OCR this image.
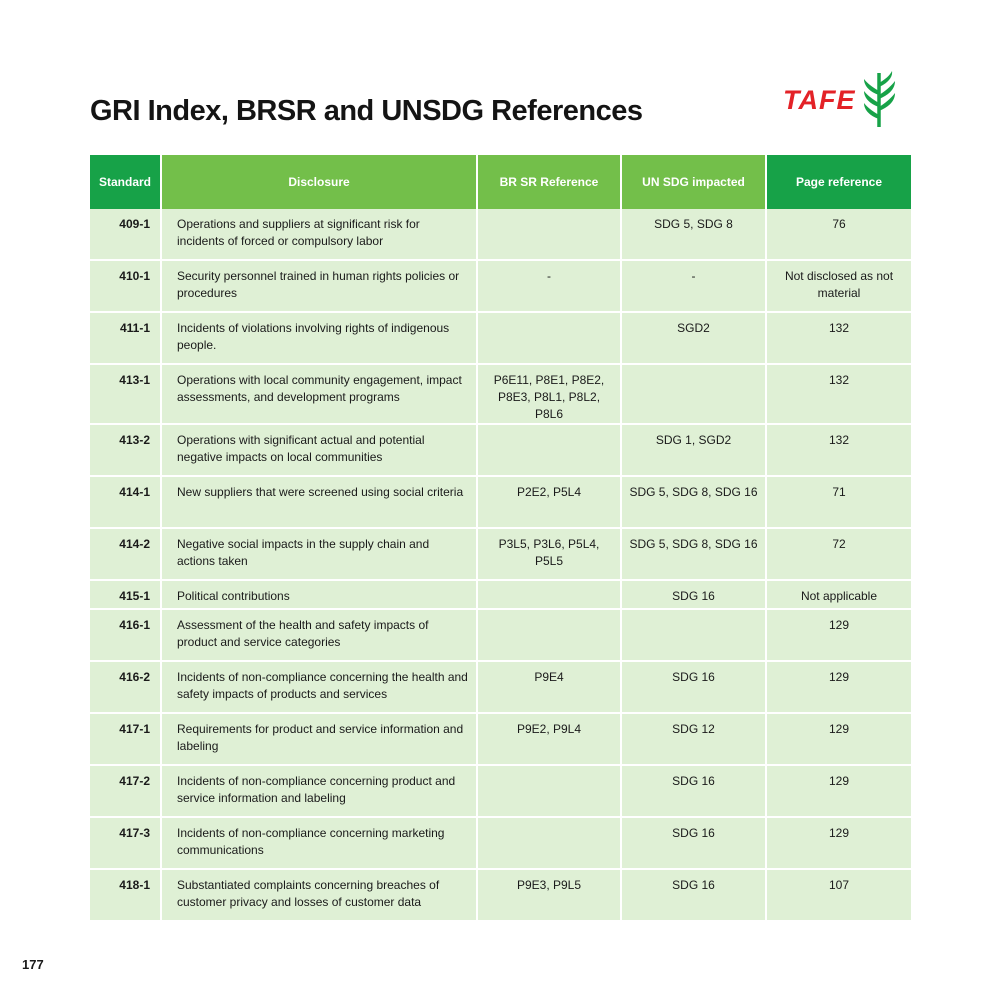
GRI Index, BRSR and UNSDG References	TAFE
Standard	Disclosure	BR SR Reference	UN SDG impacted	Page reference
409-1	Operations and suppliers at significant risk for incidents of forced or compulsory labor		SDG 5, SDG 8	76
410-1	Security personnel trained in human rights policies or procedures	-	-	Not disclosed as not material
411-1	Incidents of violations involving rights of indigenous people.		SGD2	132
413-1	Operations with local community engagement, impact assessments, and development programs	P6E11, P8E1, P8E2, P8E3, P8L1, P8L2, P8L6		132
413-2	Operations with significant actual and potential negative impacts on local communities		SDG 1, SGD2	132
414-1	New suppliers that were screened using social criteria	P2E2, P5L4	SDG 5, SDG 8, SDG 16	71
414-2	Negative social impacts in the supply chain and actions taken	P3L5, P3L6, P5L4, P5L5	SDG 5, SDG 8, SDG 16	72
415-1	Political contributions		SDG 16	Not applicable
416-1	Assessment of the health and safety impacts of product and service categories			129
416-2	Incidents of non-compliance concerning the health and safety impacts of products and services	P9E4	SDG 16	129
417-1	Requirements for product and service information and labeling	P9E2, P9L4	SDG 12	129
417-2	Incidents of non-compliance concerning product and service information and labeling		SDG 16	129
417-3	Incidents of non-compliance concerning marketing communications		SDG 16	129
418-1	Substantiated complaints concerning breaches of customer privacy and losses of customer data	P9E3, P9L5	SDG 16	107
177
